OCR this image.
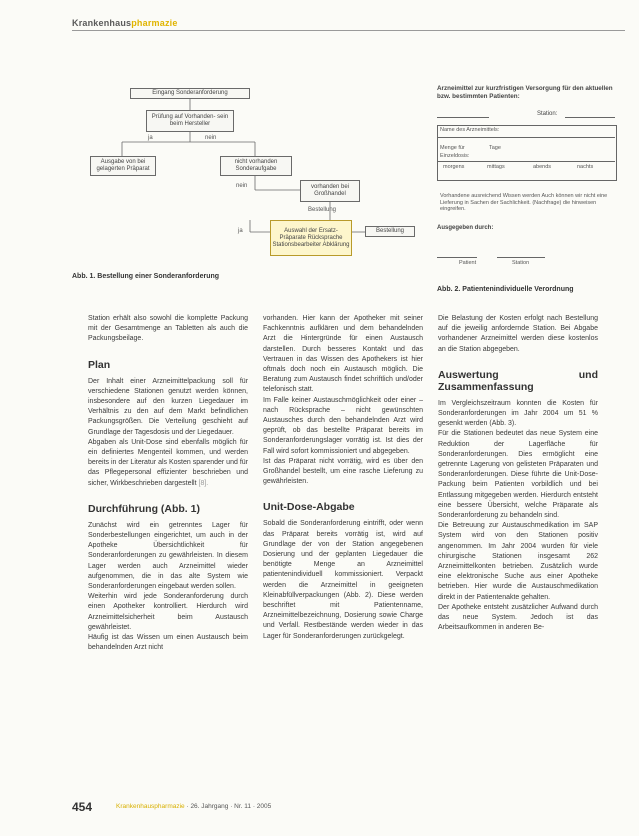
Krankenhauspharmazie
Eingang Sonderanforderung
Prüfung auf Vorhanden- sein beim Hersteller
ja	nein
Ausgabe von bei gelagerten Präparat
nicht vorhanden Sonderaufgabe
nein	vorhanden bei Großhandel
Bestellung
Auswahl der Ersatz- Präparate Rücksprache Stationsbearbeiter Abklärung
ja	Bestellung
Abb. 1. Bestellung einer Sonderanforderung
Arzneimittel zur kurzfristigen Versorgung für den aktuellen bzw. bestimmten Patienten:
Station:
Name des Arzneimittels:
Menge für	Tage
Einzeldosis:
morgens	mittags	abends	nachts
Vorhandene ausreichend Wissen werden Auch können wir nicht eine Lieferung in Sachen der Sachlichkeit. (Nachfrage) die hinweisen eingreifen.
Ausgegeben durch:
Patient	Station
Abb. 2. Patientenindividuelle Verordnung

Station erhält also sowohl die komplette Packung mit der Gesamtmenge an Tabletten als auch die Packungsbeilage.

Plan

Der Inhalt einer Arzneimittelpackung soll für verschiedene Stationen genutzt werden können, insbesondere auf den kurzen Liegedauer im Verhältnis zu den auf dem Markt befindlichen Packungsgrößen. Die Verteilung geschieht auf Grundlage der Tagesdosis und der Liegedauer.

Abgaben als Unit-Dose sind ebenfalls möglich für ein definiertes Mengenteil kommen, und werden bereits in der Literatur als Kosten sparender und für das Pflegepersonal effizienter beschrieben und sicher, Wirkbeschrieben dargestellt [8].

Durchführung (Abb. 1)

Zunächst wird ein getrenntes Lager für Sonderbestellungen eingerichtet, um auch in der Apotheke Übersichtlichkeit für Sonderanforderungen zu gewährleisten. In diesem Lager werden auch Arzneimittel wieder aufgenommen, die in das alte System wie Sonderanforderungen eingebaut werden sollen.

Weiterhin wird jede Sonderanforderung durch einen Apotheker kontrolliert. Hierdurch wird Arzneimittelsicherheit beim Austausch gewährleistet.

Häufig ist das Wissen um einen Austausch beim behandelnden Arzt nicht

vorhanden. Hier kann der Apotheker mit seiner Fachkenntnis aufklären und dem behandelnden Arzt die Hintergründe für einen Austausch darstellen. Durch besseres Kontakt und das Vertrauen in das Wissen des Apothekers ist hier oftmals doch noch ein Austausch möglich. Die Beratung zum Austausch findet schriftlich und/oder telefonisch statt.

Im Falle keiner Austauschmöglichkeit oder einer – nach Rücksprache – nicht gewünschten Austausches durch den behandelnden Arzt wird geprüft, ob das bestellte Präparat bereits im Sonderanforderungslager vorrätig ist. Ist dies der Fall wird sofort kommissioniert und abgegeben.

Ist das Präparat nicht vorrätig, wird es über den Großhandel bestellt, um eine rasche Lieferung zu gewährleisten.

Unit-Dose-Abgabe

Sobald die Sonderanforderung eintrifft, oder wenn das Präparat bereits vorrätig ist, wird auf Grundlage der von der Station angegebenen Dosierung und der geplanten Liegedauer die benötigte Menge an Arzneimittel patientenindividuell kommissioniert. Verpackt werden die Arzneimittel in geeigneten Kleinabfüllverpackungen (Abb. 2). Diese werden beschriftet mit Patientenname, Arzneimittelbezeichnung, Dosierung sowie Charge und Verfall. Restbestände werden wieder in das Lager für Sonderanforderungen zurückgelegt.

Die Belastung der Kosten erfolgt nach Bestellung auf die jeweilig anfordernde Station. Bei Abgabe vorhandener Arzneimittel werden diese kostenlos an die Station abgegeben.

Auswertung und Zusammenfassung

Im Vergleichszeitraum konnten die Kosten für Sonderanforderungen im Jahr 2004 um 51 % gesenkt werden (Abb. 3).

Für die Stationen bedeutet das neue System eine Reduktion der Lagerfläche für Sonderanforderungen. Dies ermöglicht eine getrennte Lagerung von gelisteten Präparaten und Sonderanforderungen. Diese führte die Unit-Dose-Packung beim Patienten vorbildlich und bei Entlassung mitgegeben werden. Hierdurch entsteht eine bessere Übersicht, welche Präparate als Sonderanforderung zu behandeln sind.

Die Betreuung zur Austauschmedikation im SAP System wird von den Stationen positiv angenommen. Im Jahr 2004 wurden für viele chirurgische Stationen insgesamt 262 Arzneimittelkonten betrieben. Zusätzlich wurde eine elektronische Suche aus einer Apotheke betrieben. Hier wurde die Austauschmedikation direkt in der Patientenakte gehalten.

Der Apotheke entsteht zusätzlicher Aufwand durch das neue System. Jedoch ist das Arbeitsaufkommen in anderen Be-

454	Krankenhauspharmazie · 26. Jahrgang · Nr. 11 · 2005
